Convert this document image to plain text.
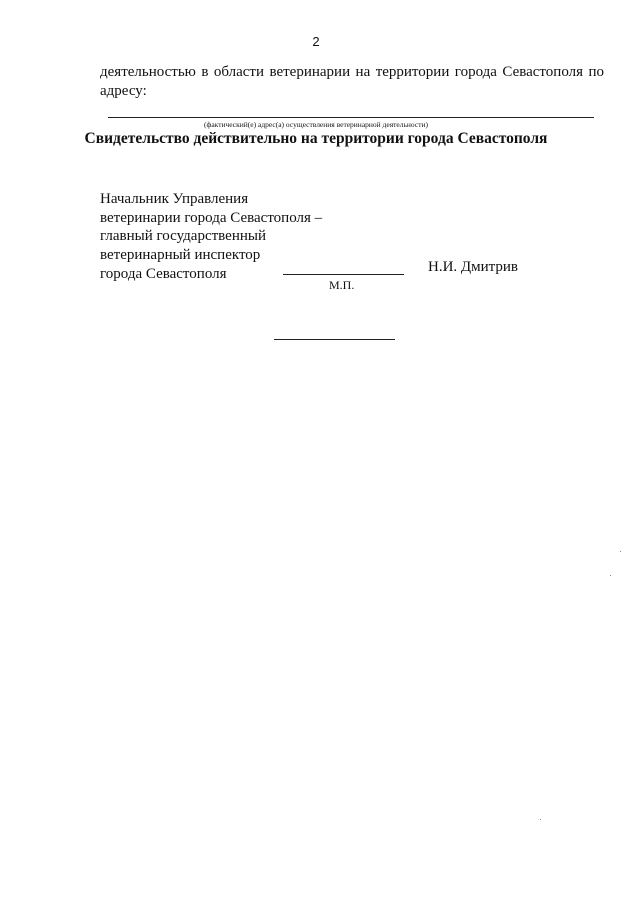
2
деятельностью в области ветеринарии на территории города Севастополя по адресу:
(фактический(е) адрес(а) осуществления ветеринарной деятельности)
Свидетельство действительно на территории города Севастополя
Начальник Управления
ветеринарии города Севастополя –
главный государственный
ветеринарный инспектор
города Севастополя	Н.И. Дмитрив
М.П.
